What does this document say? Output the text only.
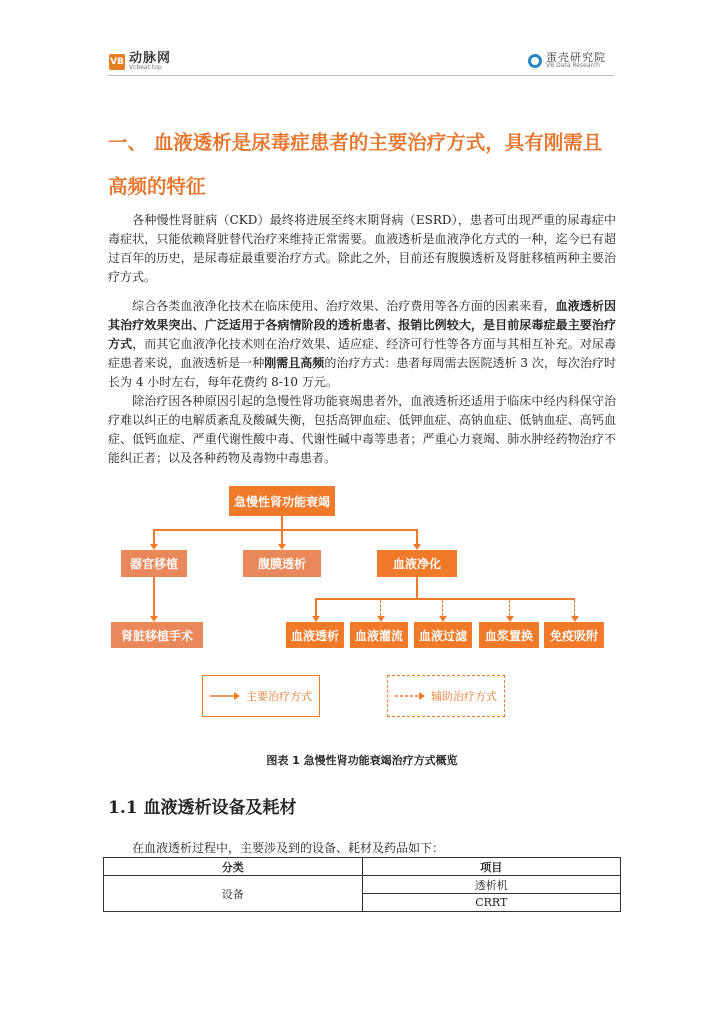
VB 动脉网
Vcbeat.top
蛋壳研究院
VB Data Research
一、 血液透析是尿毒症患者的主要治疗方式，具有刚需且
高频的特征

各种慢性肾脏病（CKD）最终将进展至终末期肾病（ESRD），患者可出现严重的尿毒症中毒症状，只能依赖肾脏替代治疗来维持正常需要。血液透析是血液净化方式的一种，迄今已有超过百年的历史，是尿毒症最重要治疗方式。除此之外，目前还有腹膜透析及肾脏移植两种主要治疗方式。

综合各类血液净化技术在临床使用、治疗效果、治疗费用等各方面的因素来看，血液透析因其治疗效果突出、广泛适用于各病情阶段的透析患者、报销比例较大，是目前尿毒症最主要治疗方式，而其它血液净化技术则在治疗效果、适应症、经济可行性等各方面与其相互补充。对尿毒症患者来说，血液透析是一种刚需且高频的治疗方式：患者每周需去医院透析 3 次，每次治疗时长为 4 小时左右，每年花费约 8-10 万元。

除治疗因各种原因引起的急慢性肾功能衰竭患者外，血液透析还适用于临床中经内科保守治疗难以纠正的电解质紊乱及酸碱失衡，包括高钾血症、低钾血症、高钠血症、低钠血症、高钙血症、低钙血症、严重代谢性酸中毒、代谢性碱中毒等患者；严重心力衰竭、肺水肿经药物治疗不能纠正者；以及各种药物及毒物中毒患者。

急慢性肾功能衰竭
器官移植	腹膜透析	血液净化
肾脏移植手术	血液透析	血液灌流	血液过滤	血浆置换	免疫吸附
主要治疗方式	辅助治疗方式
图表 1 急慢性肾功能衰竭治疗方式概览
1.1 血液透析设备及耗材

在血液透析过程中，主要涉及到的设备、耗材及药品如下：

分类	项目
设备	透析机
	CRRT
